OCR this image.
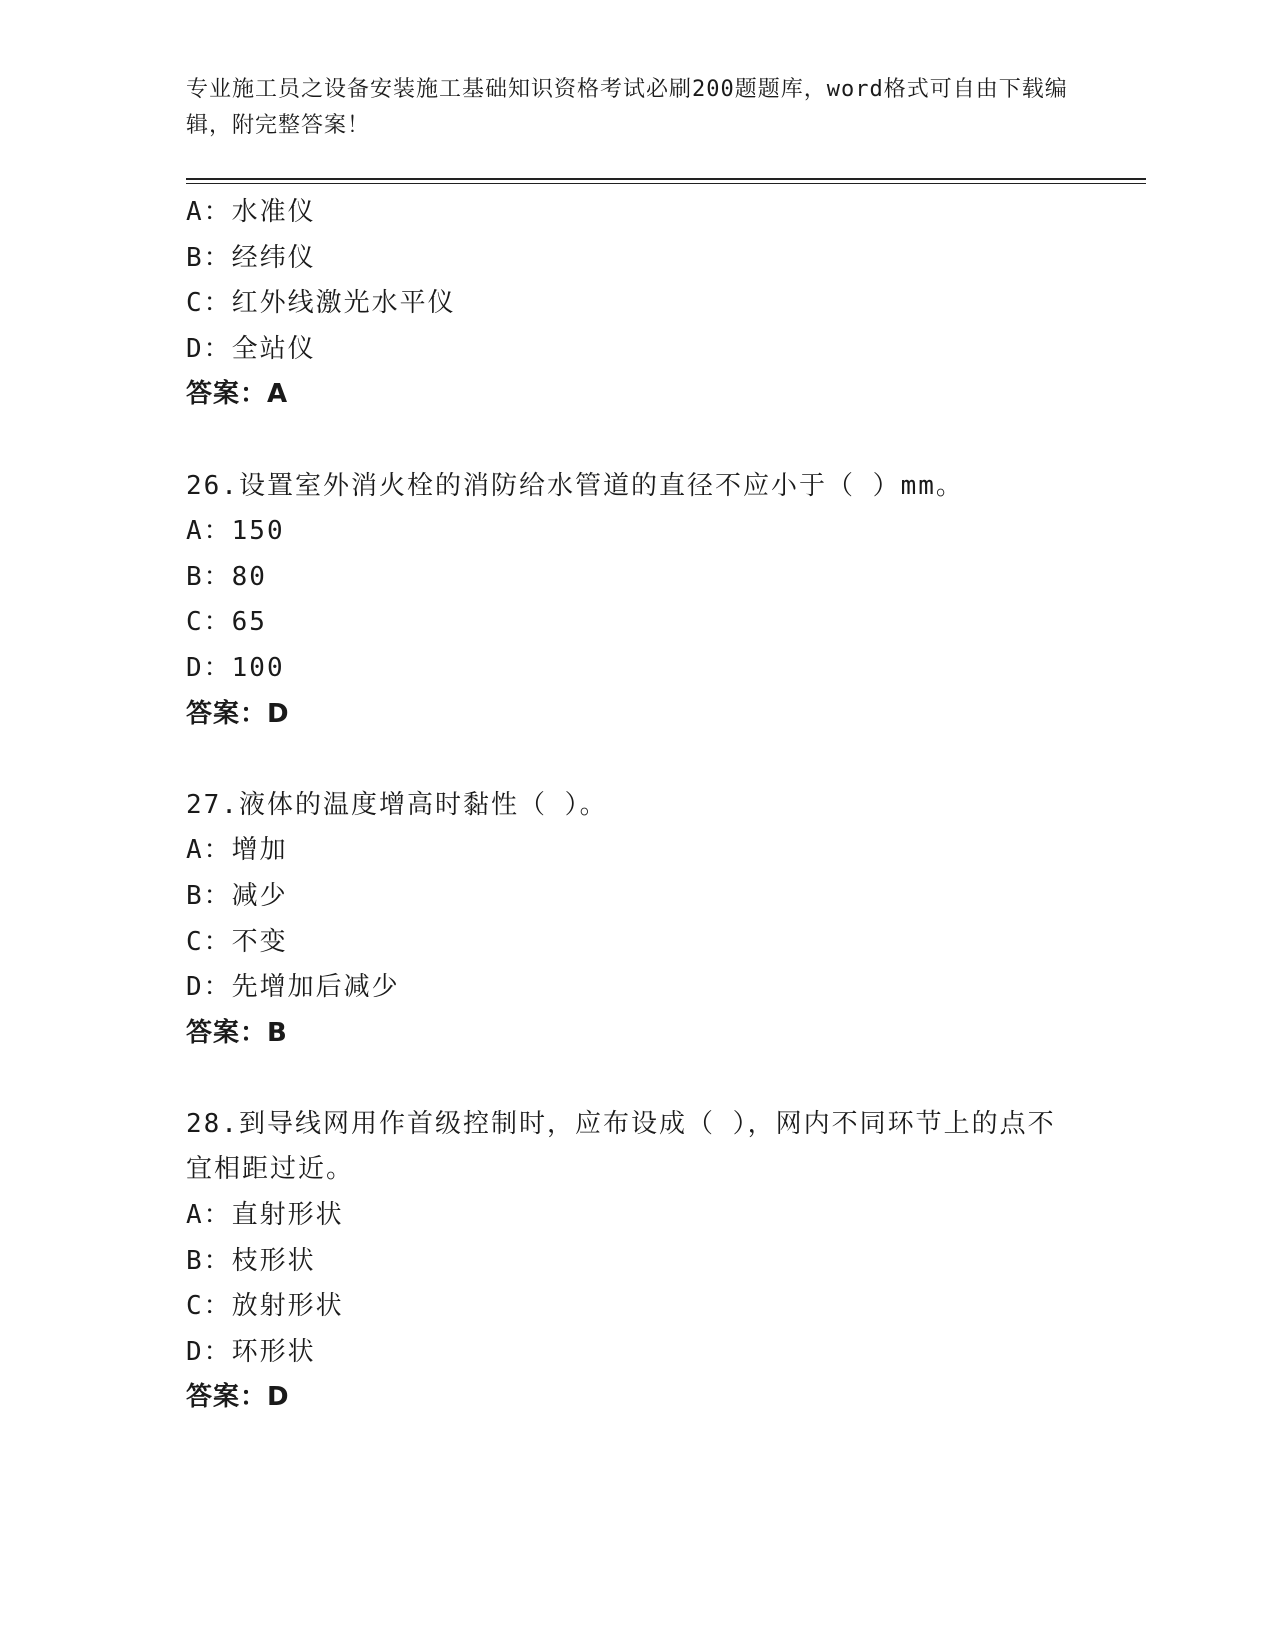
专业施工员之设备安装施工基础知识资格考试必刷200题题库，word格式可自由下载编辑，附完整答案！
A：水准仪
B：经纬仪
C：红外线激光水平仪
D：全站仪
答案：A
26.设置室外消火栓的消防给水管道的直径不应小于（ ）mm。
A：150
B：80
C：65
D：100
答案：D
27.液体的温度增高时黏性（ ）。
A：增加
B：减少
C：不变
D：先增加后减少
答案：B
28.到导线网用作首级控制时，应布设成（ ），网内不同环节上的点不宜相距过近。
A：直射形状
B：枝形状
C：放射形状
D：环形状
答案：D
